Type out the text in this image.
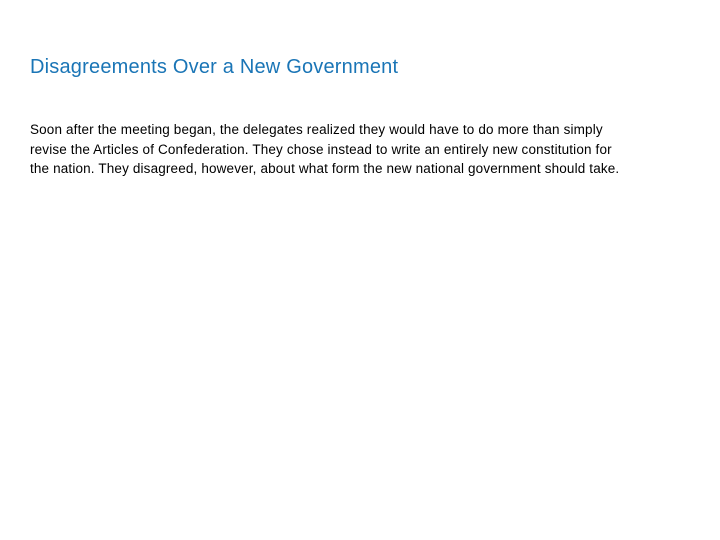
Disagreements Over a New Government

Soon after the meeting began, the delegates realized they would have to do more than simply revise the Articles of Confederation. They chose instead to write an entirely new constitution for the nation. They disagreed, however, about what form the new national government should take.
